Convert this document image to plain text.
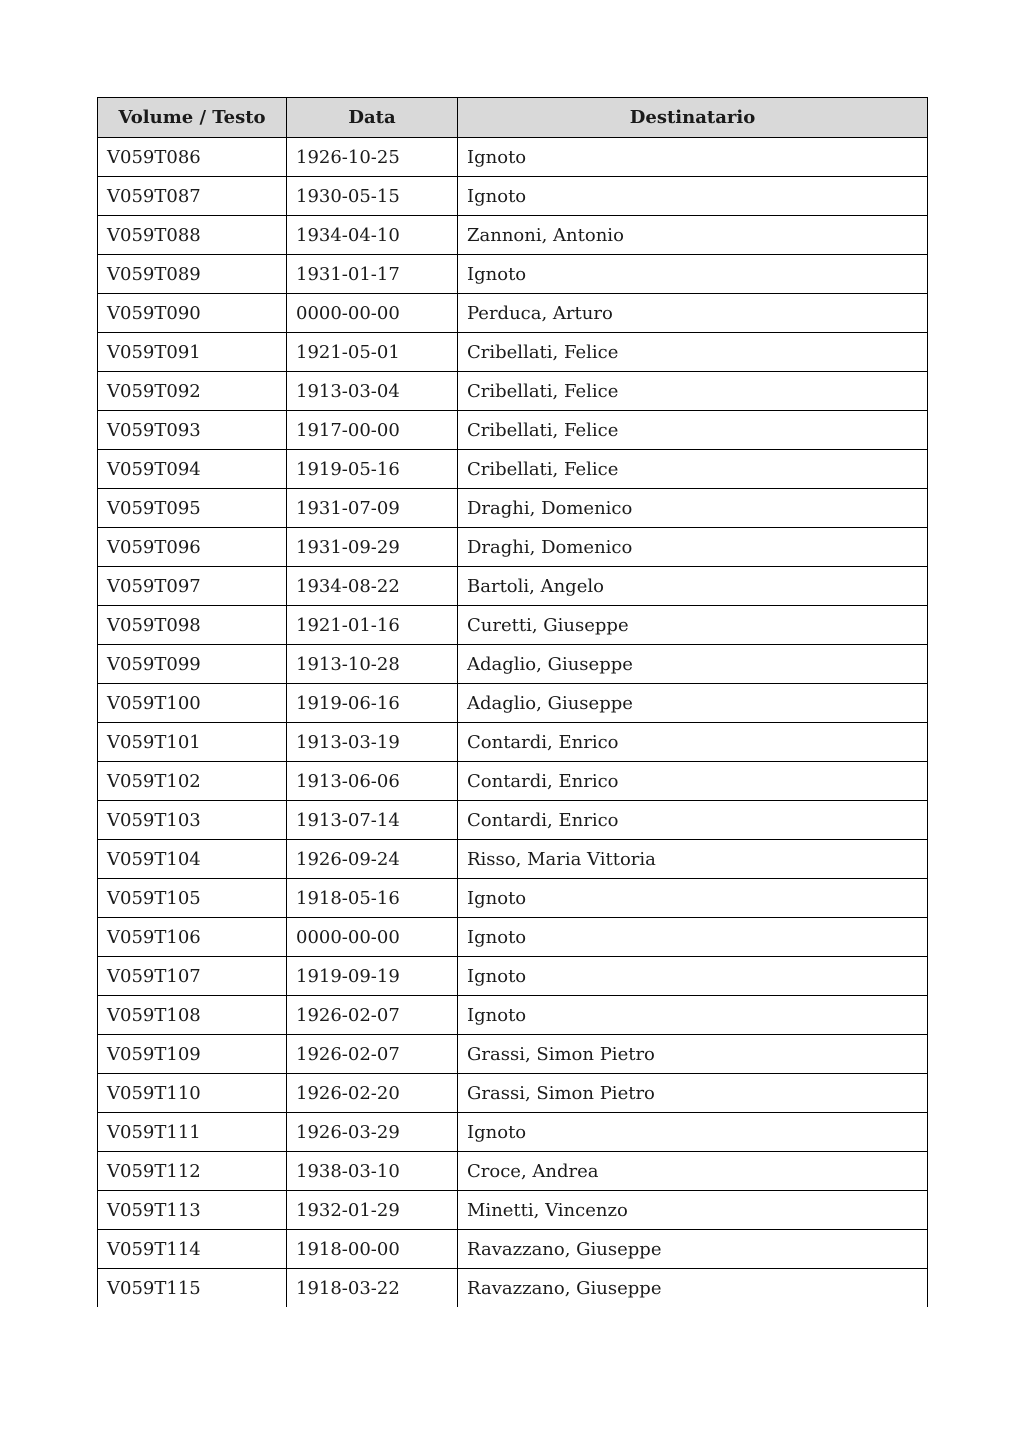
Volume / Testo	Data	Destinatario
V059T086	1926-10-25	Ignoto
V059T087	1930-05-15	Ignoto
V059T088	1934-04-10	Zannoni, Antonio
V059T089	1931-01-17	Ignoto
V059T090	0000-00-00	Perduca, Arturo
V059T091	1921-05-01	Cribellati, Felice
V059T092	1913-03-04	Cribellati, Felice
V059T093	1917-00-00	Cribellati, Felice
V059T094	1919-05-16	Cribellati, Felice
V059T095	1931-07-09	Draghi, Domenico
V059T096	1931-09-29	Draghi, Domenico
V059T097	1934-08-22	Bartoli, Angelo
V059T098	1921-01-16	Curetti, Giuseppe
V059T099	1913-10-28	Adaglio, Giuseppe
V059T100	1919-06-16	Adaglio, Giuseppe
V059T101	1913-03-19	Contardi, Enrico
V059T102	1913-06-06	Contardi, Enrico
V059T103	1913-07-14	Contardi, Enrico
V059T104	1926-09-24	Risso, Maria Vittoria
V059T105	1918-05-16	Ignoto
V059T106	0000-00-00	Ignoto
V059T107	1919-09-19	Ignoto
V059T108	1926-02-07	Ignoto
V059T109	1926-02-07	Grassi, Simon Pietro
V059T110	1926-02-20	Grassi, Simon Pietro
V059T111	1926-03-29	Ignoto
V059T112	1938-03-10	Croce, Andrea
V059T113	1932-01-29	Minetti, Vincenzo
V059T114	1918-00-00	Ravazzano, Giuseppe
V059T115	1918-03-22	Ravazzano, Giuseppe
